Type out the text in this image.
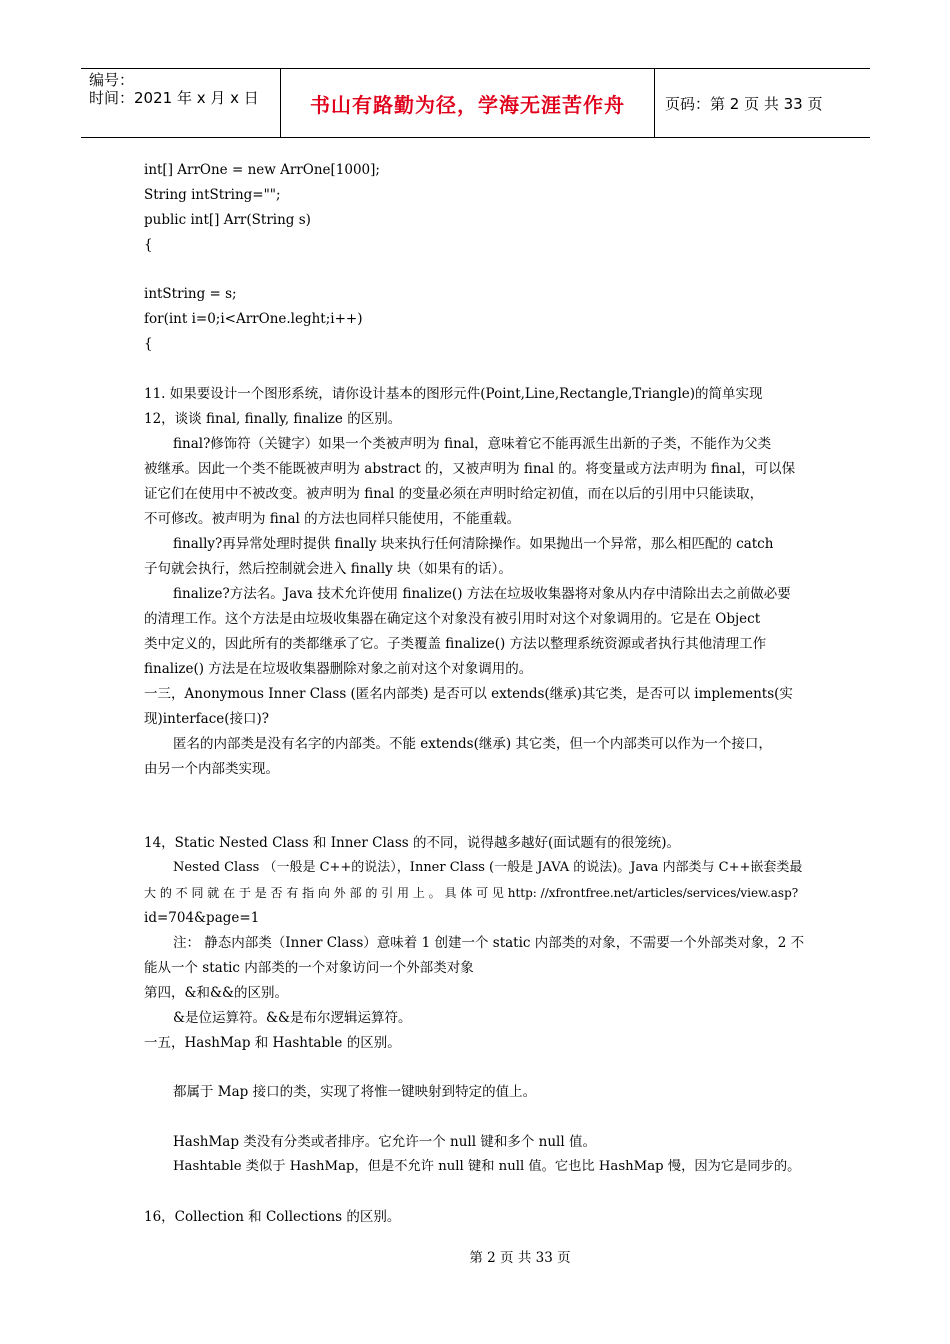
编号：
时间：2021 年 x 月 x 日	书山有路勤为径，学海无涯苦作舟	页码：第 2 页 共 33 页
int[] ArrOne = new ArrOne[1000];
String intString="";
public int[] Arr(String s)
{
intString = s;
for(int i=0;i<ArrOne.leght;i++)
{
11. 如果要设计一个图形系统，请你设计基本的图形元件(Point,Line,Rectangle,Triangle)的简单实现
12，谈谈 final, finally, finalize 的区别。
final?修饰符（关键字）如果一个类被声明为 final，意味着它不能再派生出新的子类，不能作为父类
被继承。因此一个类不能既被声明为 abstract 的，又被声明为 final 的。将变量或方法声明为 final，可以保
证它们在使用中不被改变。被声明为 final 的变量必须在声明时给定初值，而在以后的引用中只能读取，
不可修改。被声明为 final 的方法也同样只能使用，不能重载。
finally?再异常处理时提供 finally 块来执行任何清除操作。如果抛出一个异常，那么相匹配的 catch
子句就会执行，然后控制就会进入 finally 块（如果有的话）。
finalize?方法名。Java 技术允许使用 finalize() 方法在垃圾收集器将对象从内存中清除出去之前做必要
的清理工作。这个方法是由垃圾收集器在确定这个对象没有被引用时对这个对象调用的。它是在 Object
类中定义的，因此所有的类都继承了它。子类覆盖 finalize() 方法以整理系统资源或者执行其他清理工作
finalize() 方法是在垃圾收集器删除对象之前对这个对象调用的。
一三，Anonymous Inner Class (匿名内部类) 是否可以 extends(继承)其它类，是否可以 implements(实
现)interface(接口)?
匿名的内部类是没有名字的内部类。不能 extends(继承) 其它类，但一个内部类可以作为一个接口，
由另一个内部类实现。
14，Static Nested Class 和 Inner Class 的不同，说得越多越好(面试题有的很笼统)。
Nested Class （一般是 C++的说法），Inner Class (一般是 JAVA 的说法)。Java 内部类与 C++嵌套类最
大 的 不 同 就 在 于 是 否 有 指 向 外 部 的 引 用 上 。 具 体 可 见 http: //xfrontfree.net/articles/services/view.asp?
id=704&page=1
注： 静态内部类（Inner Class）意味着 1 创建一个 static 内部类的对象，不需要一个外部类对象，2 不
能从一个 static 内部类的一个对象访问一个外部类对象
第四，&和&&的区别。
&是位运算符。&&是布尔逻辑运算符。
一五，HashMap 和 Hashtable 的区别。
都属于 Map 接口的类，实现了将惟一键映射到特定的值上。
HashMap 类没有分类或者排序。它允许一个 null 键和多个 null 值。
Hashtable 类似于 HashMap，但是不允许 null 键和 null 值。它也比 HashMap 慢，因为它是同步的。
16，Collection 和 Collections 的区别。
第 2 页 共 33 页
